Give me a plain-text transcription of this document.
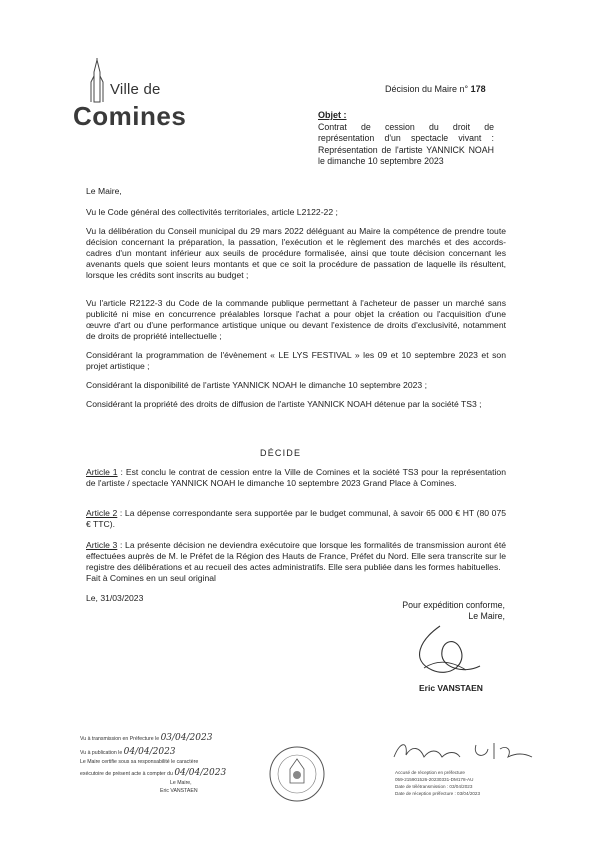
Ville de
Comines
Décision du Maire n° 178
Objet :
Contrat de cession du droit de représentation d'un spectacle vivant : Représentation de l'artiste YANNICK NOAH le dimanche 10 septembre 2023
Le Maire,

Vu le Code général des collectivités territoriales, article L2122-22 ;

Vu la délibération du Conseil municipal du 29 mars 2022 déléguant au Maire la compétence de prendre toute décision concernant la préparation, la passation, l'exécution et le règlement des marchés et des accords-cadres d'un montant inférieur aux seuils de procédure formalisée, ainsi que toute décision concernant les avenants quels que soient leurs montants et que ce soit la procédure de passation de laquelle ils résultent, lorsque les crédits sont inscrits au budget ;

Vu l'article R2122-3 du Code de la commande publique permettant à l'acheteur de passer un marché sans publicité ni mise en concurrence préalables lorsque l'achat a pour objet la création ou l'acquisition d'une œuvre d'art ou d'une performance artistique unique ou devant l'existence de droits d'exclusivité, notamment de droits de propriété intellectuelle ;

Considérant la programmation de l'évènement « LE LYS FESTIVAL » les 09 et 10 septembre 2023 et son projet artistique ;

Considérant la disponibilité de l'artiste YANNICK NOAH le dimanche 10 septembre 2023 ;

Considérant la propriété des droits de diffusion de l'artiste YANNICK NOAH détenue par la société TS3 ;

DÉCIDE

Article 1 : Est conclu le contrat de cession entre la Ville de Comines et la société TS3 pour la représentation de l'artiste / spectacle YANNICK NOAH le dimanche 10 septembre 2023 Grand Place à Comines.

Article 2 : La dépense correspondante sera supportée par le budget communal, à savoir 65 000 € HT (80 075 € TTC).

Article 3 : La présente décision ne deviendra exécutoire que lorsque les formalités de transmission auront été effectuées auprès de M. le Préfet de la Région des Hauts de France, Préfet du Nord. Elle sera transcrite sur le registre des délibérations et au recueil des actes administratifs. Elle sera publiée dans les formes habituelles.

Fait à Comines en un seul original
Le, 31/03/2023
Pour expédition conforme,
Le Maire,
Eric VANSTAEN
Vu à transmission en Préfecture le 03/04/2023
Vu à publication le 04/04/2023
Le Maire certifie sous sa responsabilité le caractère
exécutoire de présent acte à compter du 04/04/2023
Le Maire,
Eric VANSTAEN
Accusé de réception en préfecture
059-215901526-20230331-DM178-AU
Date de télétransmission : 03/04/2023
Date de réception préfecture : 03/04/2023
